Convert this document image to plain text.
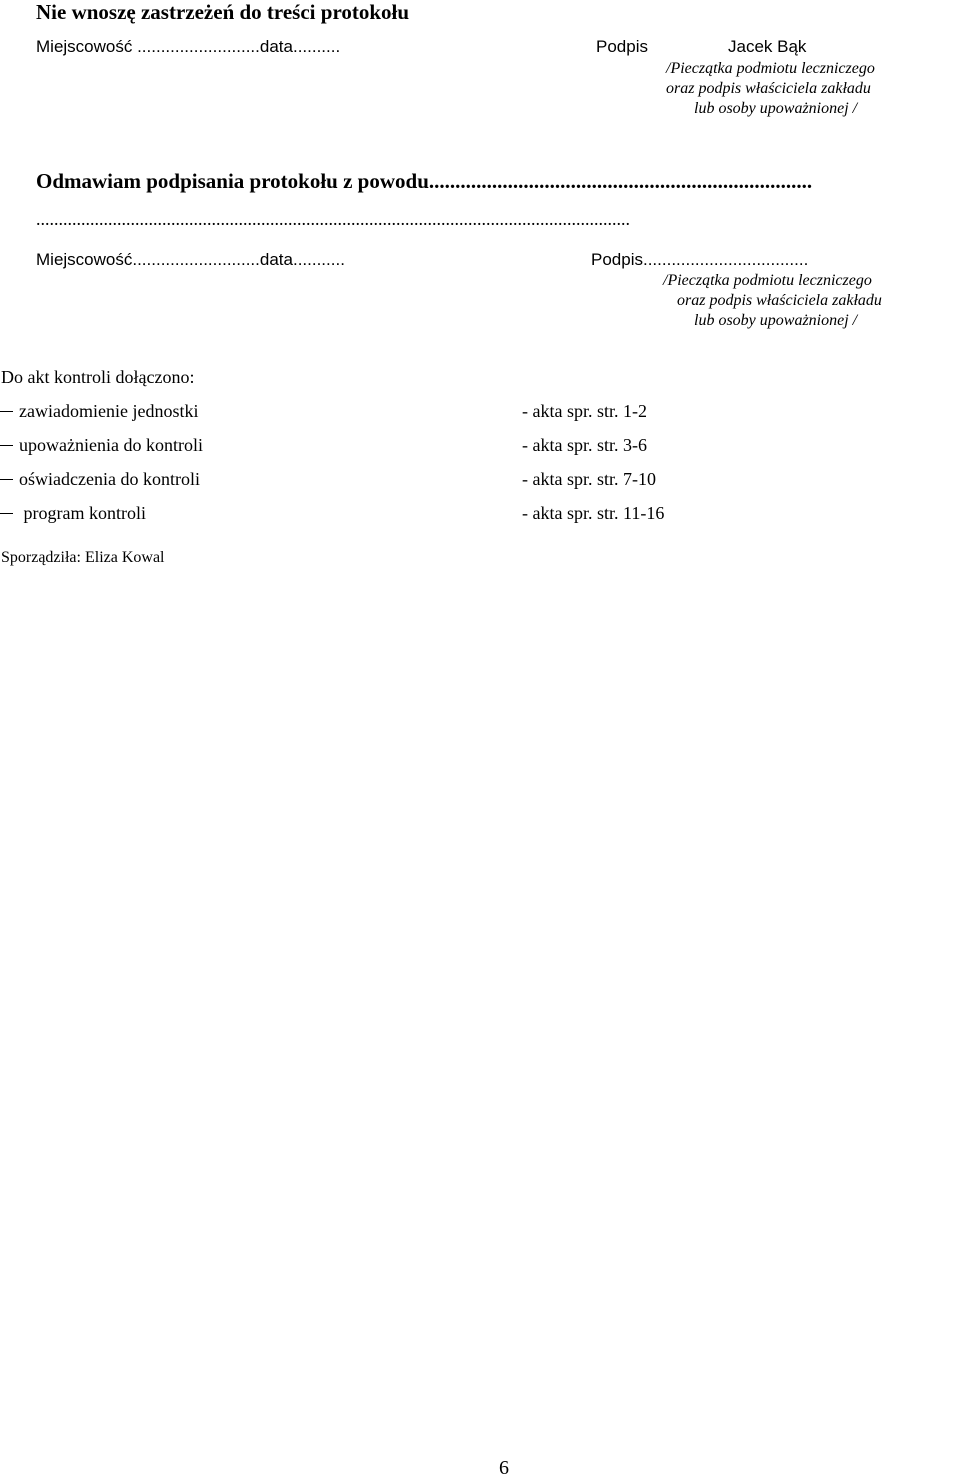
Nie wnoszę zastrzeżeń do treści protokołu
Miejscowość ..........................data..........	Podpis	Jacek Bąk
/Pieczątka podmiotu leczniczego
oraz podpis właściciela zakładu
lub osoby upoważnionej /
Odmawiam podpisania protokołu z powodu.........................................................................
....................................................................................................................................
Miejscowość...........................data...........	Podpis...................................
/Pieczątka podmiotu leczniczego
oraz podpis właściciela zakładu
lub osoby upoważnionej /
Do akt kontroli dołączono:
zawiadomienie jednostki	- akta spr. str. 1-2
upoważnienia do kontroli	- akta spr. str. 3-6
oświadczenia do kontroli	- akta spr. str. 7-10
program kontroli	- akta spr. str. 11-16
Sporządziła: Eliza Kowal
6
